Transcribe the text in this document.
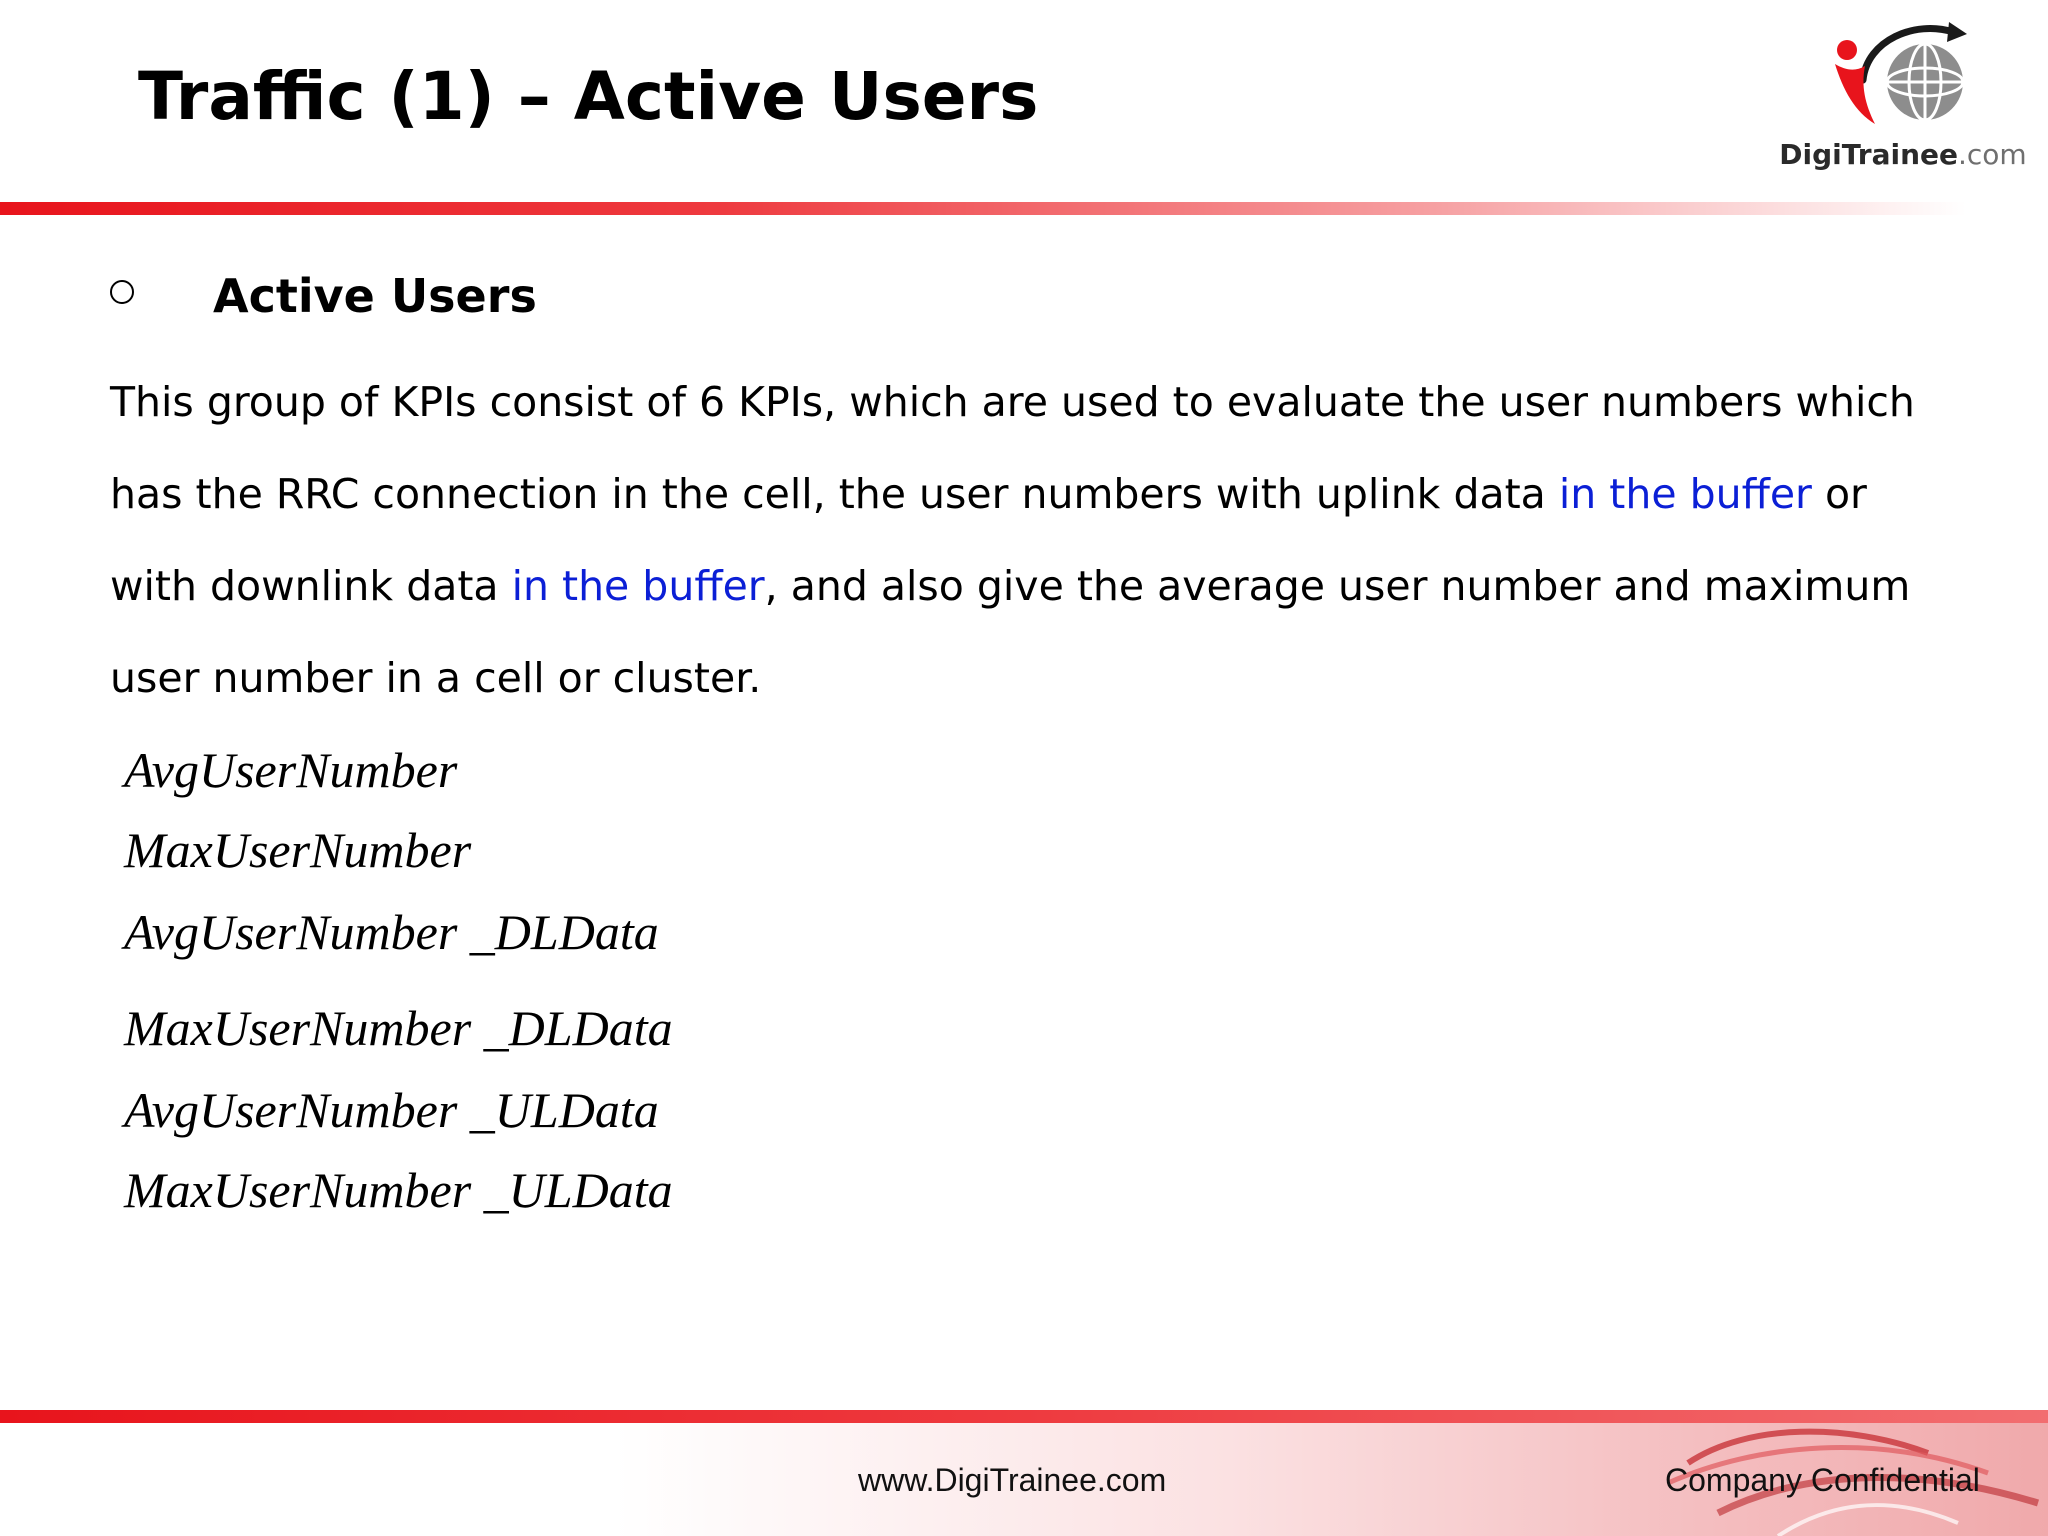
Traffic (1) – Active Users
DigiTrainee.com
Active Users
This group of KPIs consist of 6 KPIs, which are used to evaluate the user numbers which
has the RRC connection in the cell, the user numbers with uplink data in the buffer or
with downlink data in the buffer, and also give the average user number and maximum
user number in a cell or cluster.
AvgUserNumber
MaxUserNumber
AvgUserNumber _DLData
MaxUserNumber _DLData
AvgUserNumber _ULData
MaxUserNumber _ULData
www.DigiTrainee.com	Company Confidential
